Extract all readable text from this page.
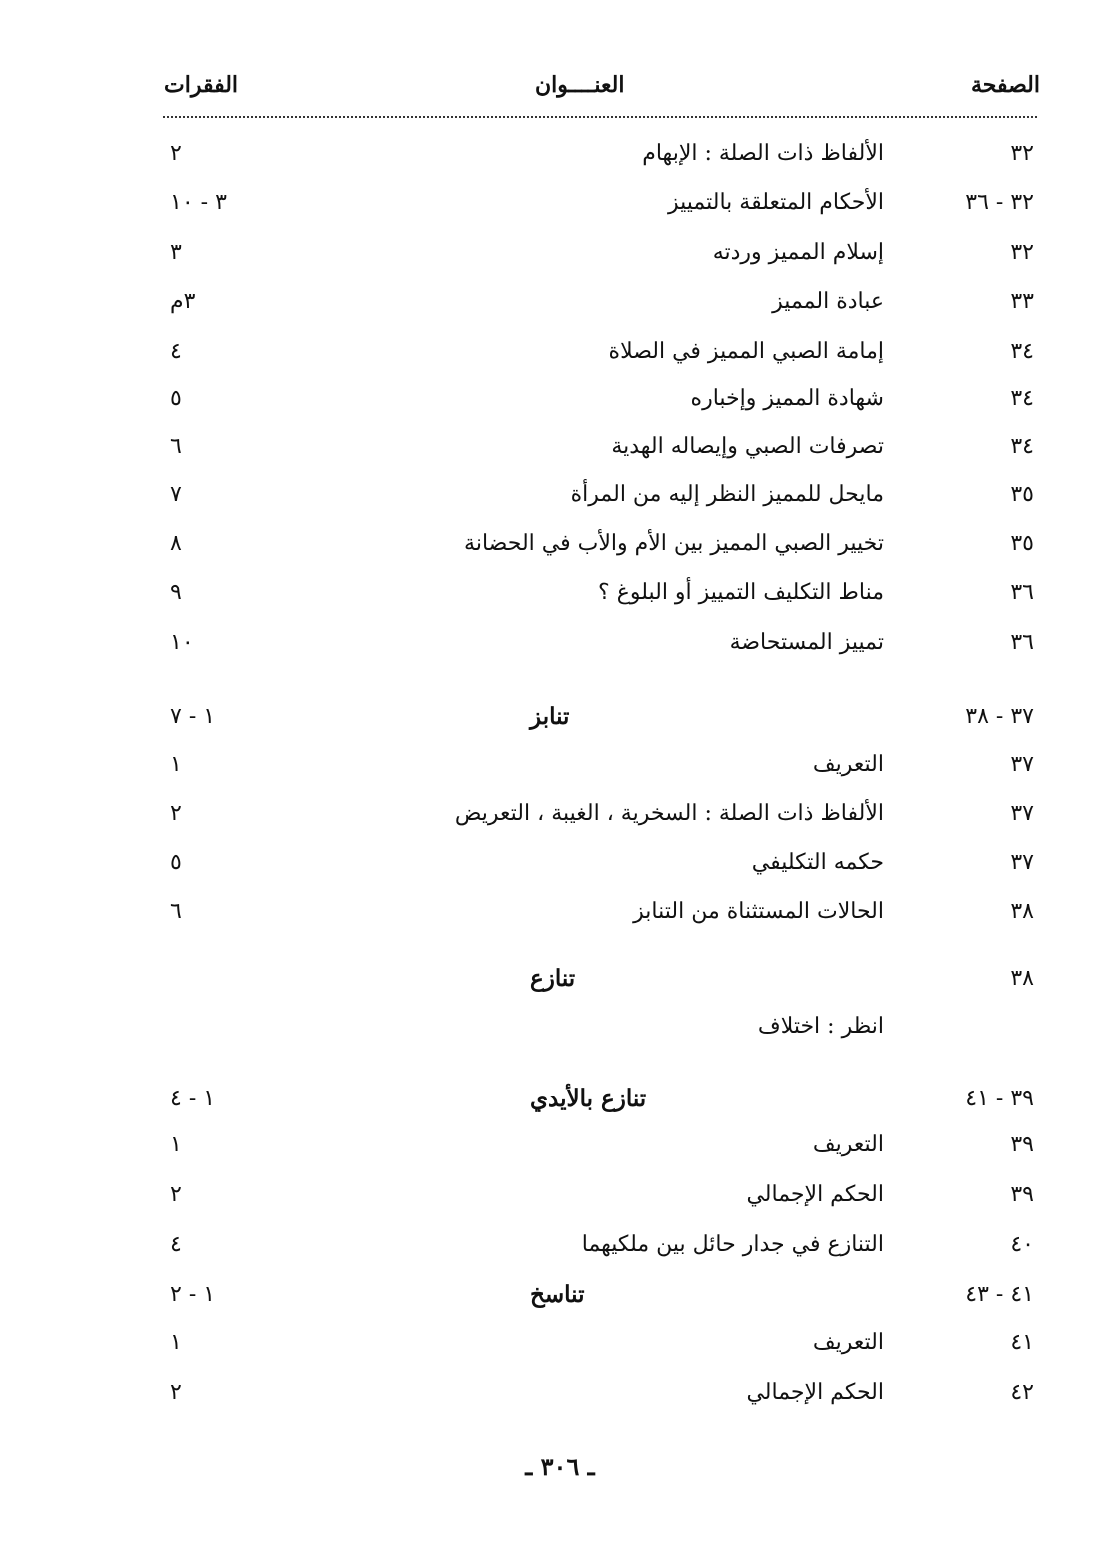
الصفحة
العنــــوان
الفقرات
٣٢
الألفاظ ذات الصلة : الإبهام
٢
٣٢ - ٣٦
الأحكام المتعلقة بالتمييز
٣ - ١٠
٣٢
إسلام المميز وردته
٣
٣٣
عبادة المميز
٣م
٣٤
إمامة الصبي المميز في الصلاة
٤
٣٤
شهادة المميز وإخباره
٥
٣٤
تصرفات الصبي وإيصاله الهدية
٦
٣٥
مايحل للمميز النظر إليه من المرأة
٧
٣٥
تخيير الصبي المميز بين الأم والأب في الحضانة
٨
٣٦
مناط التكليف التمييز أو البلوغ ؟
٩
٣٦
تمييز المستحاضة
١٠
٣٧ - ٣٨
تنابز
١ - ٧
٣٧
التعريف
١
٣٧
الألفاظ ذات الصلة : السخرية ، الغيبة ، التعريض
٢
٣٧
حكمه التكليفي
٥
٣٨
الحالات المستثناة من التنابز
٦
٣٨
تنازع
انظر : اختلاف
٣٩ - ٤١
تنازع بالأيدي
١ - ٤
٣٩
التعريف
١
٣٩
الحكم الإجمالي
٢
٤٠
التنازع في جدار حائل بين ملكيهما
٤
٤١ - ٤٣
تناسخ
١ - ٢
٤١
التعريف
١
٤٢
الحكم الإجمالي
٢
ـ ٣٠٦ ـ
